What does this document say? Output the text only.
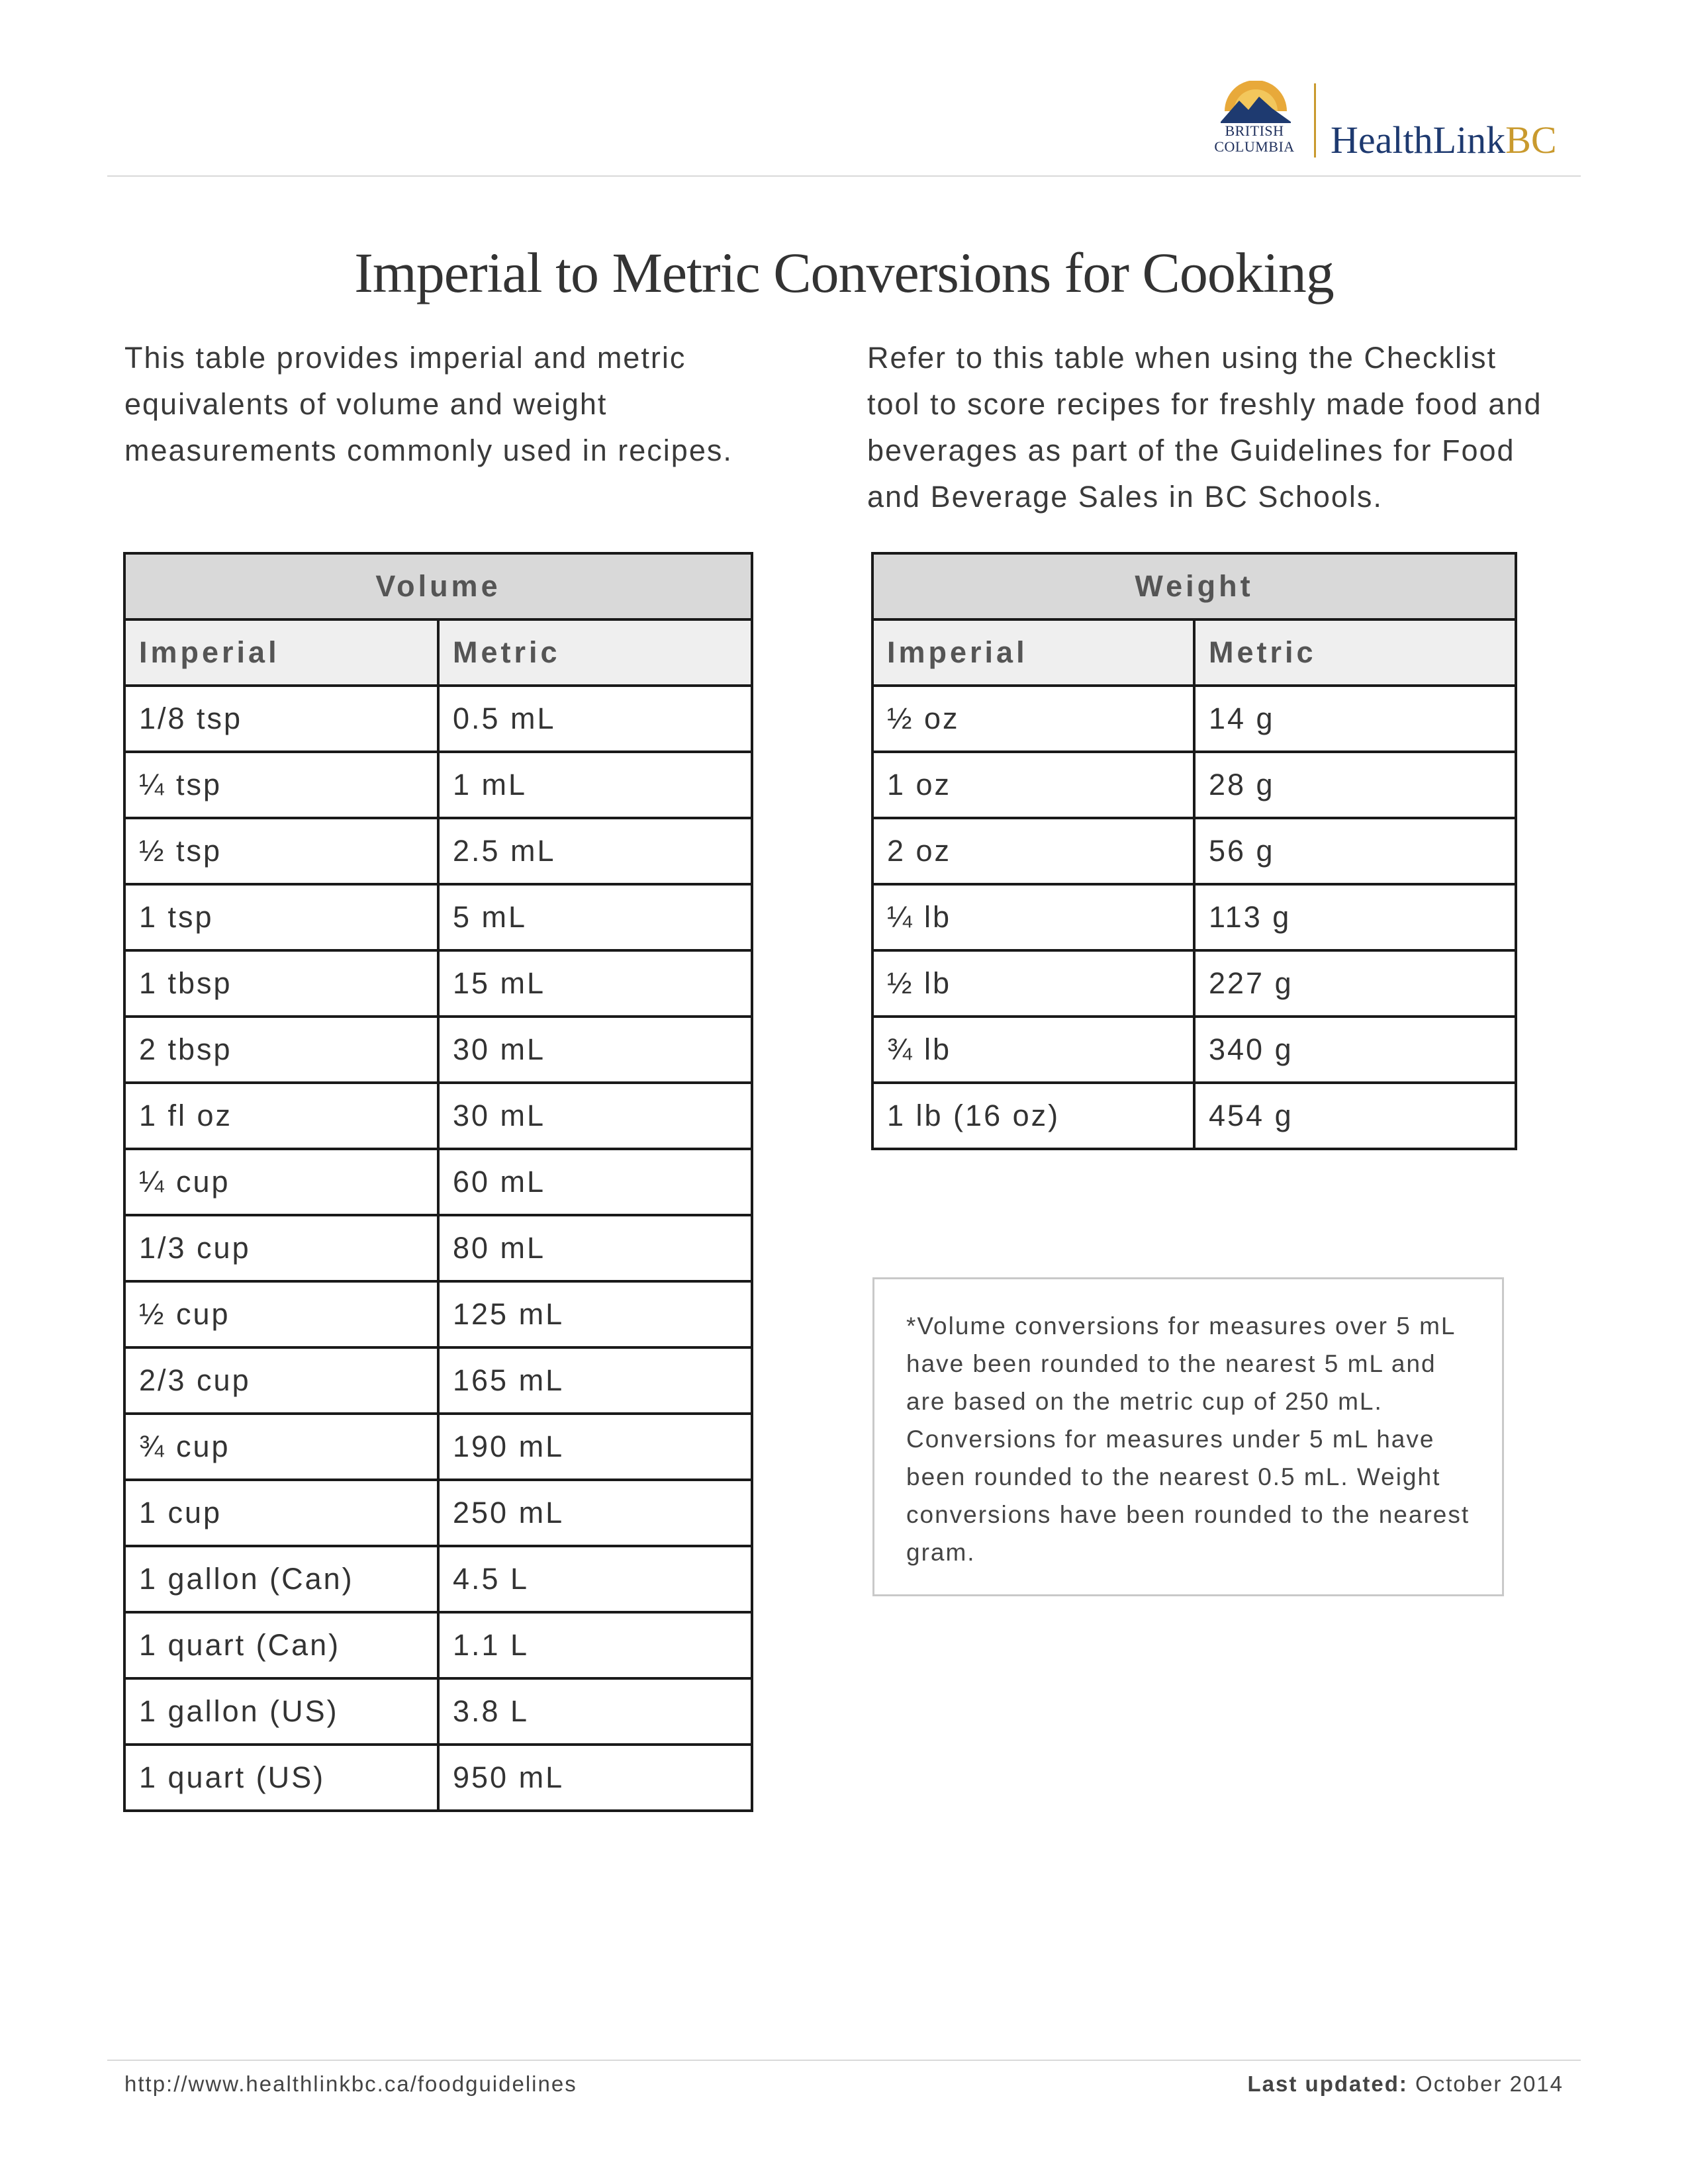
BRITISH
COLUMBIA HealthLinkBC
Imperial to Metric Conversions for Cooking
This table provides imperial and metric equivalents of volume and weight measurements commonly used in recipes.
Refer to this table when using the Checklist tool to score recipes for freshly made food and beverages as part of the Guidelines for Food and Beverage Sales in BC Schools.
Volume	
Imperial	Metric
1/8 tsp	0.5 mL
¼ tsp	1 mL
½ tsp	2.5 mL
1 tsp	5 mL
1 tbsp	15 mL
2 tbsp	30 mL
1 fl oz	30 mL
¼ cup	60 mL
1/3 cup	80 mL
½ cup	125 mL
2/3 cup	165 mL
¾ cup	190 mL
1 cup	250 mL
1 gallon (Can)	4.5 L
1 quart (Can)	1.1 L
1 gallon (US)	3.8 L
1 quart (US)	950 mL
Weight	
Imperial	Metric
½ oz	14 g
1 oz	28 g
2 oz	56 g
¼ lb	113 g
½ lb	227 g
¾ lb	340 g
1 lb (16 oz)	454 g
*Volume conversions for measures over 5 mL have been rounded to the nearest 5 mL and are based on the metric cup of 250 mL. Conversions for measures under 5 mL have been rounded to the nearest 0.5 mL. Weight conversions have been rounded to the nearest gram.
http://www.healthlinkbc.ca/foodguidelines	Last updated: October 2014
